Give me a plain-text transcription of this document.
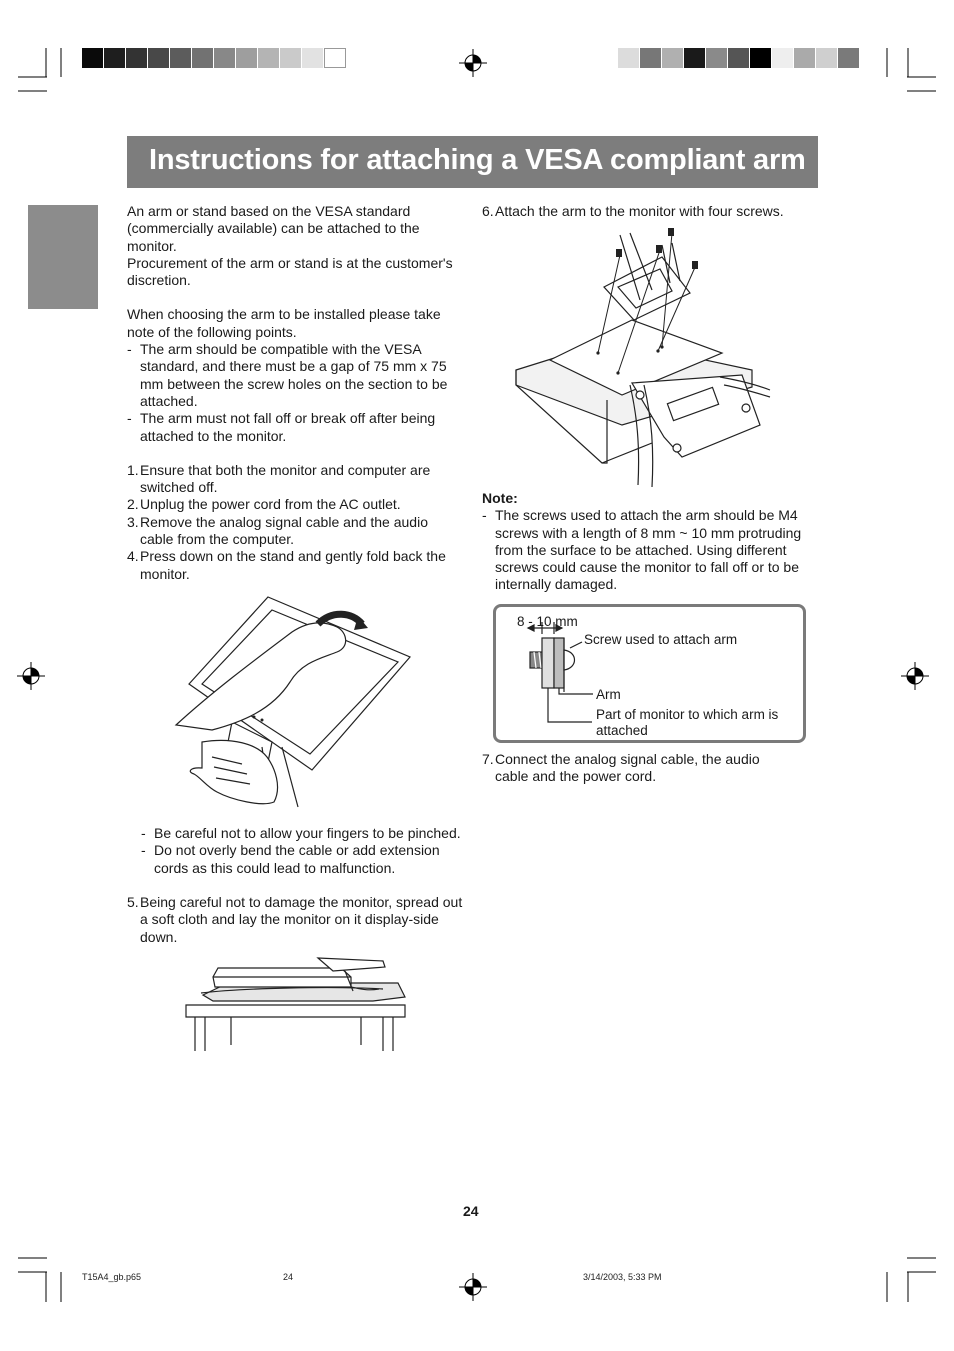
Instructions for attaching a VESA compliant arm

An arm or stand based on the VESA standard (commercially available) can be attached to the monitor.

Procurement of the arm or stand is at the customer's discretion.

When choosing the arm to be installed please take note of the following points.

- The arm should be compatible with the VESA standard, and there must be a gap of 75 mm x 75 mm between the screw holes on the section to be attached.
- The arm must not fall off or break off after being attached to the monitor.
1. Ensure that both the monitor and computer are switched off.
2. Unplug the power cord from the AC outlet.
3. Remove the analog signal cable and the audio cable from the computer.
4. Press down on the stand and gently fold back the monitor.
- Be careful not to allow your fingers to be pinched.
- Do not overly bend the cable or add extension cords as this could lead to malfunction.
5. Being careful not to damage the monitor, spread out a soft cloth and lay the monitor on it display-side down.
6. Attach the arm to the monitor with four screws.

Note:

- The screws used to attach the arm should be M4 screws with a length of 8 mm ~ 10 mm protruding from the surface to be attached. Using different screws could cause the monitor to fall off or to be internally damaged.
8 - 10 mm
Screw used to attach arm
Arm
Part of monitor to which arm is attached
7. Connect the analog signal cable, the audio cable and the power cord.
24
T15A4_gb.p65	24	3/14/2003, 5:33 PM
